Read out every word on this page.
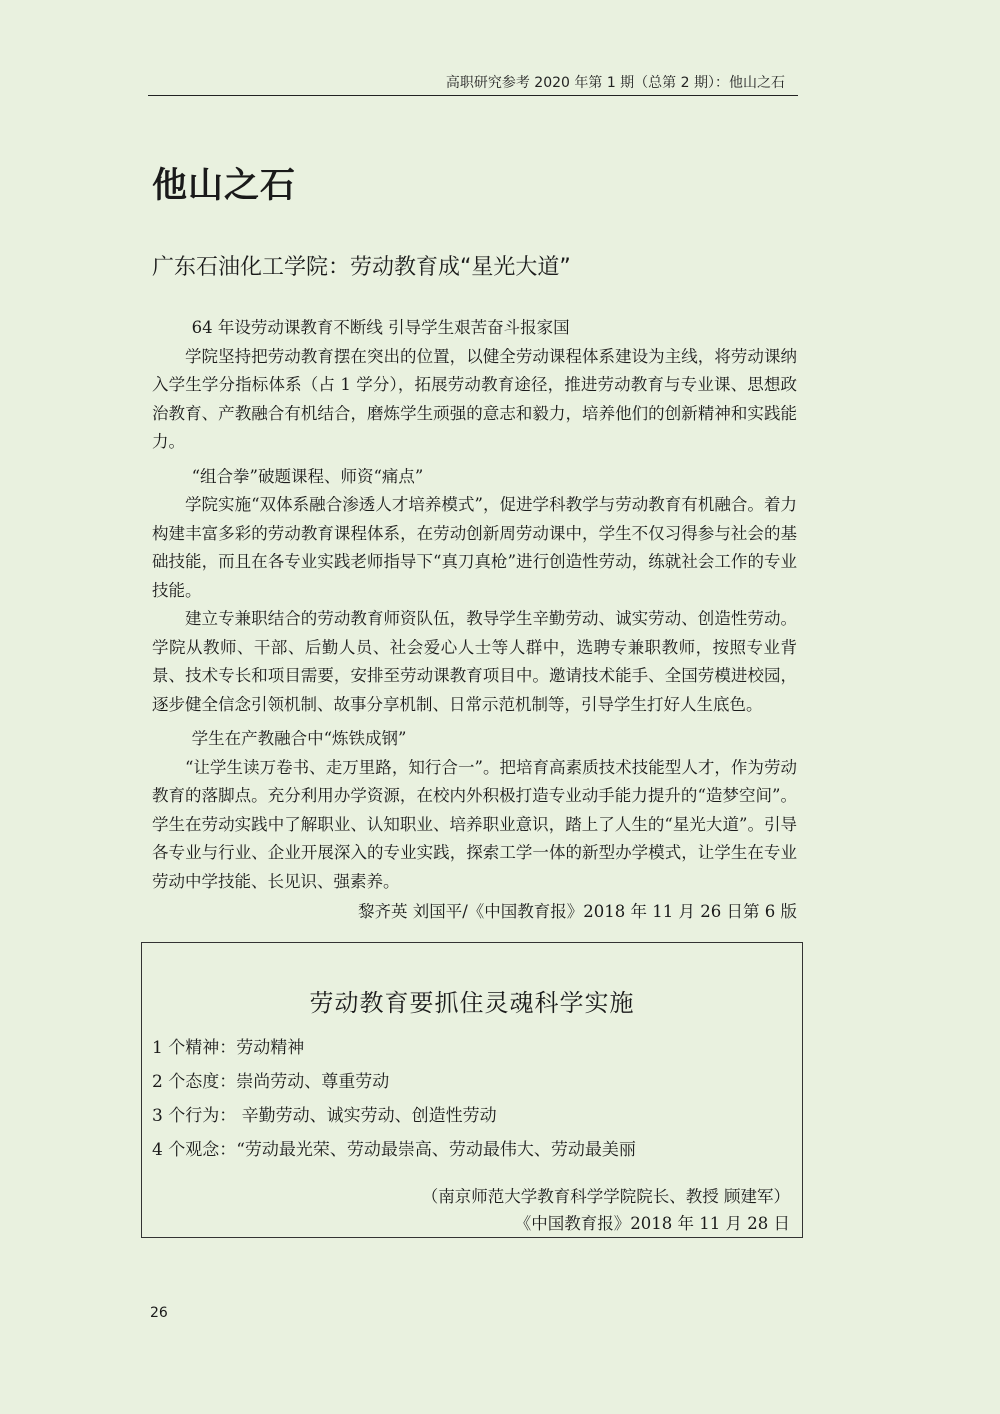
高职研究参考 2020 年第 1 期（总第 2 期）：他山之石
他山之石
广东石油化工学院：劳动教育成“星光大道”
64 年设劳动课教育不断线 引导学生艰苦奋斗报家国

学院坚持把劳动教育摆在突出的位置，以健全劳动课程体系建设为主线，将劳动课纳入学生学分指标体系（占 1 学分），拓展劳动教育途径，推进劳动教育与专业课、思想政治教育、产教融合有机结合，磨炼学生顽强的意志和毅力，培养他们的创新精神和实践能力。

“组合拳”破题课程、师资“痛点”

学院实施“双体系融合渗透人才培养模式”，促进学科教学与劳动教育有机融合。着力构建丰富多彩的劳动教育课程体系，在劳动创新周劳动课中，学生不仅习得参与社会的基础技能，而且在各专业实践老师指导下“真刀真枪”进行创造性劳动，练就社会工作的专业技能。

建立专兼职结合的劳动教育师资队伍，教导学生辛勤劳动、诚实劳动、创造性劳动。学院从教师、干部、后勤人员、社会爱心人士等人群中，选聘专兼职教师，按照专业背景、技术专长和项目需要，安排至劳动课教育项目中。邀请技术能手、全国劳模进校园，逐步健全信念引领机制、故事分享机制、日常示范机制等，引导学生打好人生底色。

学生在产教融合中“炼铁成钢”

“让学生读万卷书、走万里路，知行合一”。把培育高素质技术技能型人才，作为劳动教育的落脚点。充分利用办学资源，在校内外积极打造专业动手能力提升的“造梦空间”。学生在劳动实践中了解职业、认知职业、培养职业意识，踏上了人生的“星光大道”。引导各专业与行业、企业开展深入的专业实践，探索工学一体的新型办学模式，让学生在专业劳动中学技能、长见识、强素养。

黎齐英 刘国平/《中国教育报》2018 年 11 月 26 日第 6 版

劳动教育要抓住灵魂科学实施
1 个精神：劳动精神
2 个态度：崇尚劳动、尊重劳动
3 个行为： 辛勤劳动、诚实劳动、创造性劳动
4 个观念：“劳动最光荣、劳动最崇高、劳动最伟大、劳动最美丽
（南京师范大学教育科学学院院长、教授 顾建军）
《中国教育报》2018 年 11 月 28 日
26
